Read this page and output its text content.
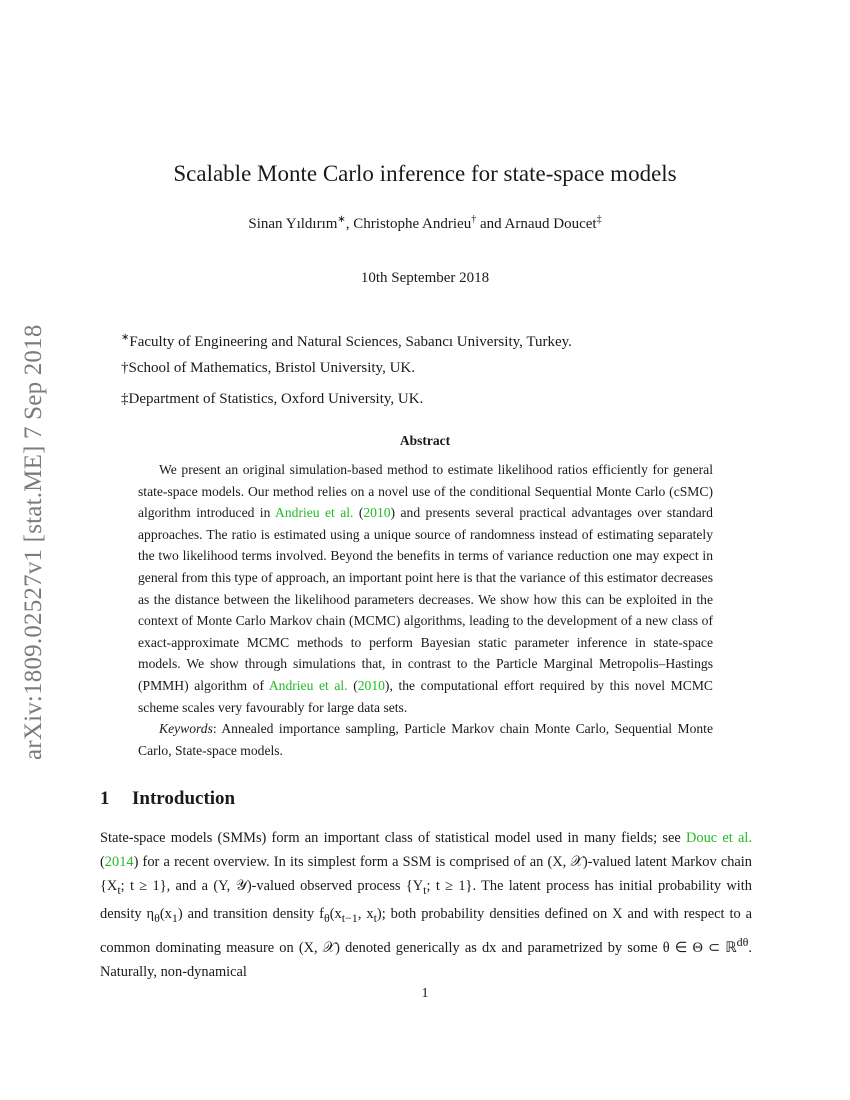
arXiv:1809.02527v1 [stat.ME] 7 Sep 2018
Scalable Monte Carlo inference for state-space models
Sinan Yıldırım∗, Christophe Andrieu† and Arnaud Doucet‡
10th September 2018
∗Faculty of Engineering and Natural Sciences, Sabancı University, Turkey.
†School of Mathematics, Bristol University, UK.
‡Department of Statistics, Oxford University, UK.
Abstract

We present an original simulation-based method to estimate likelihood ratios efficiently for general state-space models. Our method relies on a novel use of the conditional Sequential Monte Carlo (cSMC) algorithm introduced in Andrieu et al. (2010) and presents several practical advantages over standard approaches. The ratio is estimated using a unique source of randomness instead of estimating separately the two likelihood terms involved. Beyond the benefits in terms of variance reduction one may expect in general from this type of approach, an important point here is that the variance of this estimator decreases as the distance between the likelihood parameters decreases. We show how this can be exploited in the context of Monte Carlo Markov chain (MCMC) algorithms, leading to the development of a new class of exact-approximate MCMC methods to perform Bayesian static parameter inference in state-space models. We show through simulations that, in contrast to the Particle Marginal Metropolis–Hastings (PMMH) algorithm of Andrieu et al. (2010), the computational effort required by this novel MCMC scheme scales very favourably for large data sets.

Keywords: Annealed importance sampling, Particle Markov chain Monte Carlo, Sequential Monte Carlo, State-space models.

1 Introduction

State-space models (SMMs) form an important class of statistical model used in many fields; see Douc et al. (2014) for a recent overview. In its simplest form a SSM is comprised of an (X, 𝒳)-valued latent Markov chain {$X_t$; t ≥ 1}, and a (Y, 𝒴)-valued observed process {$Y_t$; t ≥ 1}. The latent process has initial probability with density $\eta_\theta(x_1)$ and transition density $f_\theta(x_{t-1}$, $x_t$); both probability densities defined on X and with respect to a common dominating measure on (X, 𝒳) denoted generically as dx and parametrized by some θ ∈ Θ ⊂ ℝ$^{d\theta}$. Naturally, non-dynamical

1
